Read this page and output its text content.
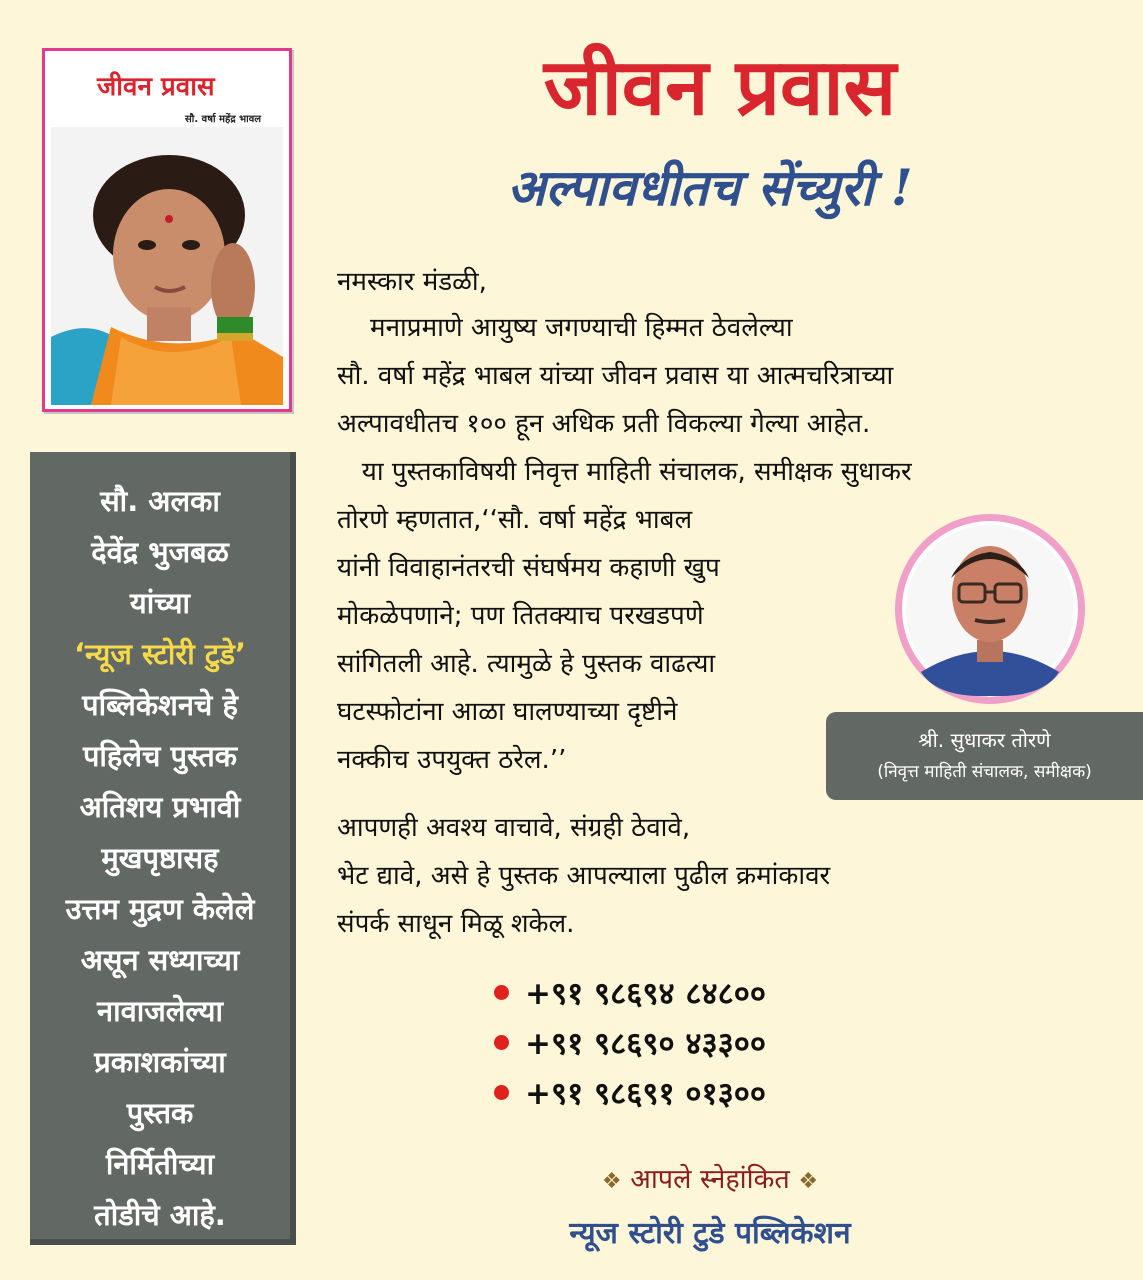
जीवन प्रवास

सौ. वर्षा महेंद्र भावल

सौ. अलका

देवेंद्र भुजबळ

यांच्या

‘न्यूज स्टोरी टुडे’

पब्लिकेशनचे हे

पहिलेच पुस्तक

अतिशय प्रभावी

मुखपृष्ठासह

उत्तम मुद्रण केलेले

असून सध्याच्या

नावाजलेल्या

प्रकाशकांच्या

पुस्तक

निर्मितीच्या

तोडीचे आहे.

जीवन प्रवास
अल्पावधीतच सेंच्युरी !

नमस्कार मंडळी,

मनाप्रमाणे आयुष्य जगण्याची हिम्मत ठेवलेल्या

सौ. वर्षा महेंद्र भाबल यांच्या जीवन प्रवास या आत्मचरित्राच्या

अल्पावधीतच १०० हून अधिक प्रती विकल्या गेल्या आहेत.

या पुस्तकाविषयी निवृत्त माहिती संचालक, समीक्षक सुधाकर

तोरणे म्हणतात,‘‘सौ. वर्षा महेंद्र भाबल

यांनी विवाहानंतरची संघर्षमय कहाणी खुप

मोकळेपणाने; पण तितक्याच परखडपणे

सांगितली आहे. त्यामुळे हे पुस्तक वाढत्या

घटस्फोटांना आळा घालण्याच्या दृष्टीने

नक्कीच उपयुक्त ठरेल.’’

आपणही अवश्य वाचावे, संग्रही ठेवावे,

भेट द्यावे, असे हे पुस्तक आपल्याला पुढील क्रमांकावर

संपर्क साधून मिळू शकेल.

श्री. सुधाकर तोरणे
(निवृत्त माहिती संचालक, समीक्षक)

+९१ ९८६९४ ८४८००

+९१ ९८६९० ४३३००

+९१ ९८६९१ ०१३००

❖ आपले स्नेहांकित ❖

न्यूज स्टोरी टुडे पब्लिकेशन
